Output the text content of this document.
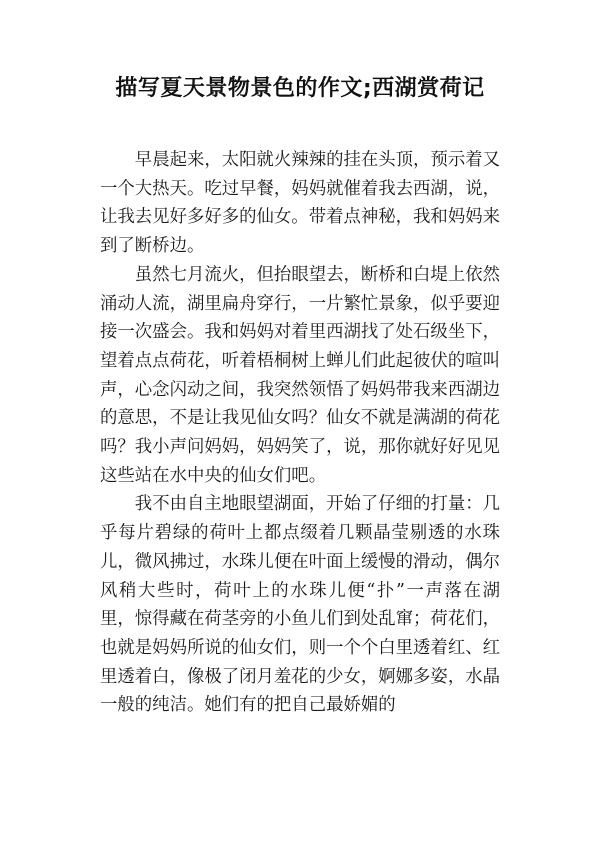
描写夏天景物景色的作文;西湖赏荷记

早晨起来，太阳就火辣辣的挂在头顶，预示着又一个大热天。吃过早餐，妈妈就催着我去西湖，说，让我去见好多好多的仙女。带着点神秘，我和妈妈来到了断桥边。

虽然七月流火，但抬眼望去，断桥和白堤上依然涌动人流，湖里扁舟穿行，一片繁忙景象，似乎要迎接一次盛会。我和妈妈对着里西湖找了处石级坐下，望着点点荷花，听着梧桐树上蝉儿们此起彼伏的喧叫声，心念闪动之间，我突然领悟了妈妈带我来西湖边的意思，不是让我见仙女吗？仙女不就是满湖的荷花吗？我小声问妈妈，妈妈笑了，说，那你就好好见见这些站在水中央的仙女们吧。

我不由自主地眼望湖面，开始了仔细的打量：几乎每片碧绿的荷叶上都点缀着几颗晶莹剔透的水珠儿，微风拂过，水珠儿便在叶面上缓慢的滑动，偶尔风稍大些时，荷叶上的水珠儿便“扑”一声落在湖里，惊得藏在荷茎旁的小鱼儿们到处乱窜；荷花们，也就是妈妈所说的仙女们，则一个个白里透着红、红里透着白，像极了闭月羞花的少女，婀娜多姿，水晶一般的纯洁。她们有的把自己最娇媚的
